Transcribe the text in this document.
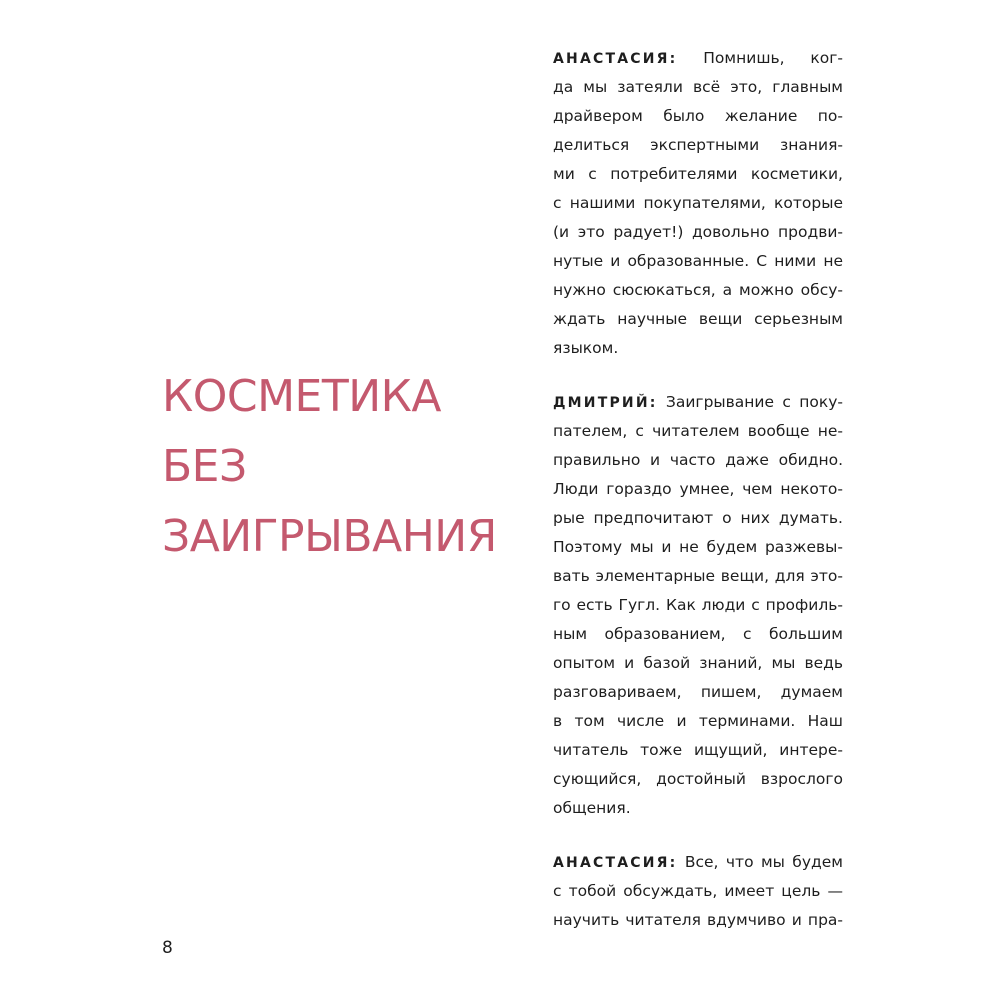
КОСМЕТИКА
БЕЗ
ЗАИГРЫВАНИЯ
АНАСТАСИЯ: Помнишь, ког-
да мы затеяли всё это, главным
драйвером было желание по-
делиться экспертными знания-
ми с потребителями косметики,
с нашими покупателями, которые
(и это радует!) довольно продви-
нутые и образованные. С ними не
нужно сюсюкаться, а можно обсу-
ждать научные вещи серьезным
языком.
ДМИТРИЙ: Заигрывание с поку-
пателем, с читателем вообще не-
правильно и часто даже обидно.
Люди гораздо умнее, чем некото-
рые предпочитают о них думать.
Поэтому мы и не будем разжевы-
вать элементарные вещи, для это-
го есть Гугл. Как люди с профиль-
ным образованием, с большим
опытом и базой знаний, мы ведь
разговариваем, пишем, думаем
в том числе и терминами. Наш
читатель тоже ищущий, интере-
сующийся, достойный взрослого
общения.
АНАСТАСИЯ: Все, что мы будем
с тобой обсуждать, имеет цель —
научить читателя вдумчиво и пра-
8
